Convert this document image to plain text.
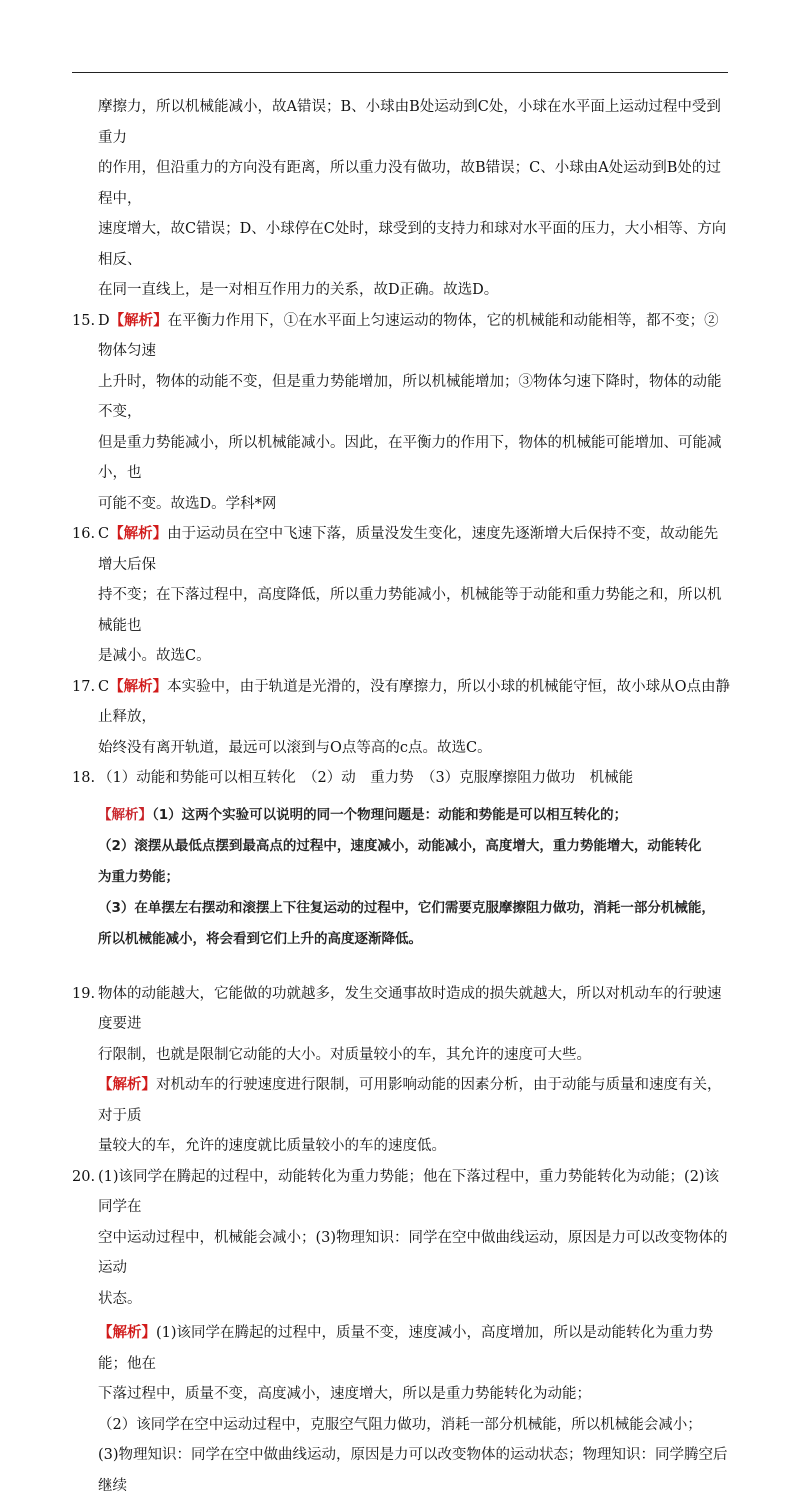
摩擦力，所以机械能减小，故A错误；B、小球由B处运动到C处，小球在水平面上运动过程中受到重力
的作用，但沿重力的方向没有距离，所以重力没有做功，故B错误；C、小球由A处运动到B处的过程中，
速度增大，故C错误；D、小球停在C处时，球受到的支持力和球对水平面的压力，大小相等、方向相反、
在同一直线上，是一对相互作用力的关系，故D正确。故选D。
15. D【解析】在平衡力作用下，①在水平面上匀速运动的物体，它的机械能和动能相等，都不变；②物体匀速
上升时，物体的动能不变，但是重力势能增加，所以机械能增加；③物体匀速下降时，物体的动能不变，
但是重力势能减小，所以机械能减小。因此，在平衡力的作用下，物体的机械能可能增加、可能减小，也
可能不变。故选D。学科*网
16. C【解析】由于运动员在空中飞速下落，质量没发生变化，速度先逐渐增大后保持不变，故动能先增大后保
持不变；在下落过程中，高度降低，所以重力势能减小，机械能等于动能和重力势能之和，所以机械能也
是减小。故选C。
17. C【解析】本实验中，由于轨道是光滑的，没有摩擦力，所以小球的机械能守恒，故小球从O点由静止释放，
始终没有离开轨道，最远可以滚到与O点等高的c点。故选C。
18. （1）动能和势能可以相互转化　（2）动　重力势　（3）克服摩擦阻力做功　机械能
【解析】（1）这两个实验可以说明的同一个物理问题是：动能和势能是可以相互转化的；
（2）滚摆从最低点摆到最高点的过程中，速度减小，动能减小，高度增大，重力势能增大，动能转化
为重力势能；
（3）在单摆左右摆动和滚摆上下往复运动的过程中，它们需要克服摩擦阻力做功，消耗一部分机械能，
所以机械能减小，将会看到它们上升的高度逐渐降低。
19. 物体的动能越大，它能做的功就越多，发生交通事故时造成的损失就越大，所以对机动车的行驶速度要进
行限制，也就是限制它动能的大小。对质量较小的车，其允许的速度可大些。
【解析】对机动车的行驶速度进行限制，可用影响动能的因素分析，由于动能与质量和速度有关，对于质
量较大的车，允许的速度就比质量较小的车的速度低。
20. (1)该同学在腾起的过程中，动能转化为重力势能；他在下落过程中，重力势能转化为动能；(2)该同学在
空中运动过程中，机械能会减小；(3)物理知识：同学在空中做曲线运动，原因是力可以改变物体的运动
状态。
【解析】(1)该同学在腾起的过程中，质量不变，速度减小，高度增加，所以是动能转化为重力势能；他在
下落过程中，质量不变，高度减小，速度增大，所以是重力势能转化为动能；
（2）该同学在空中运动过程中，克服空气阻力做功，消耗一部分机械能，所以机械能会减小；
(3)物理知识：同学在空中做曲线运动，原因是力可以改变物体的运动状态；物理知识：同学腾空后继续
